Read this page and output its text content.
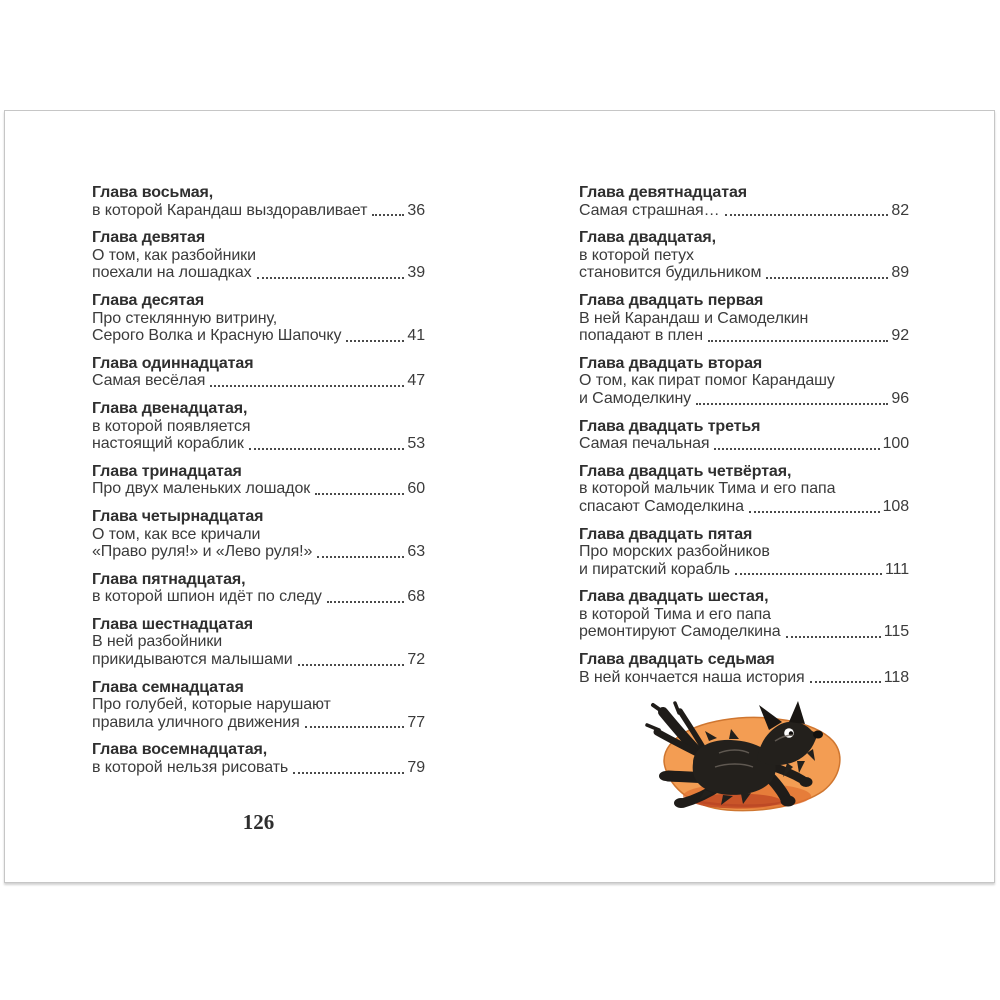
Глава восьмая,
в которой Карандаш выздоравливает	36
Глава девятая
О том, как разбойники
поехали на лошадках	39
Глава десятая
Про стеклянную витрину,
Серого Волка и Красную Шапочку	41
Глава одиннадцатая
Самая весёлая	47
Глава двенадцатая,
в которой появляется
настоящий кораблик	53
Глава тринадцатая
Про двух маленьких лошадок	60
Глава четырнадцатая
О том, как все кричали
«Право руля!» и «Лево руля!»	63
Глава пятнадцатая,
в которой шпион идёт по следу	68
Глава шестнадцатая
В ней разбойники
прикидываются малышами	72
Глава семнадцатая
Про голубей, которые нарушают
правила уличного движения	77
Глава восемнадцатая,
в которой нельзя рисовать	79
Глава девятнадцатая
Самая страшная…	82
Глава двадцатая,
в которой петух
становится будильником	89
Глава двадцать первая
В ней Карандаш и Самоделкин
попадают в плен	92
Глава двадцать вторая
О том, как пират помог Карандашу
и Самоделкину	96
Глава двадцать третья
Самая печальная	100
Глава двадцать четвёртая,
в которой мальчик Тима и его папа
спасают Самоделкина	108
Глава двадцать пятая
Про морских разбойников
и пиратский корабль	111
Глава двадцать шестая,
в которой Тима и его папа
ремонтируют Самоделкина	115
Глава двадцать седьмая
В ней кончается наша история	118
126
